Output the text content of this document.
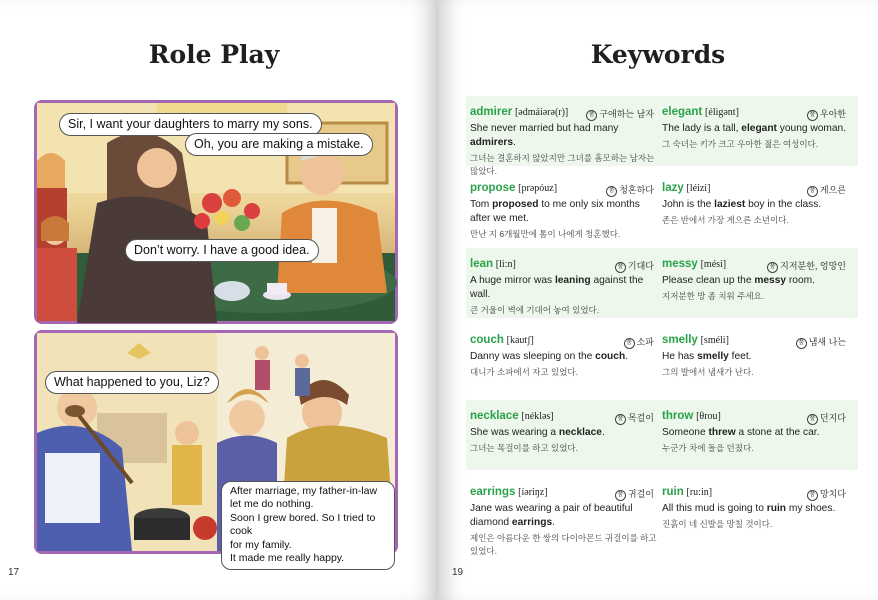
Role Play
Sir, I want your daughters to marry my sons.
Oh, you are making a mistake.
Don’t worry. I have a good idea.
What happened to you, Liz?
After marriage, my father-in-law
let me do nothing.
Soon I grew bored. So I tried to cook
for my family.
It made me really happy.
17
Keywords
admirer [ədmáiərə(r)]	품 구애하는 남자
She never married but had many admirers.
그녀는 결혼하지 않았지만 그녀를 흠모하는 남자는 많았다.
elegant [éligənt]	품 우아한
The lady is a tall, elegant young woman.
그 숙녀는 키가 크고 우아한 젊은 여성이다.
propose [prəpóuz]	품 청혼하다
Tom proposed to me only six months after we met.
만난 지 6개월만에 톰이 나에게 청혼했다.
lazy [léizi]	품 게으른
John is the laziest boy in the class.
존은 반에서 가장 게으른 소년이다.
lean [li:n]	품 기대다
A huge mirror was leaning against the wall.
큰 거울이 벽에 기대어 놓여 있었다.
messy [mési]	품 지저분한, 엉망인
Please clean up the messy room.
지저분한 방 좀 치워 주세요.
couch [kautʃ]	품 소파
Danny was sleeping on the couch.
대니가 소파에서 자고 있었다.
smelly [sméli]	품 냄새 나는
He has smelly feet.
그의 발에서 냄새가 난다.
necklace [néklәs]	품 목걸이
She was wearing a necklace.
그녀는 목걸이를 하고 있었다.
throw [θrou]	품 던지다
Someone threw a stone at the car.
누군가 차에 돌을 던졌다.
earrings [íәriŋz]	품 귀걸이
Jane was wearing a pair of beautiful diamond earrings.
제인은 아름다운 한 쌍의 다이아몬드 귀걸이를 하고 있었다.
ruin [ru:in]	품 망치다
All this mud is going to ruin my shoes.
진흙이 네 신발을 망칠 것이다.
19
